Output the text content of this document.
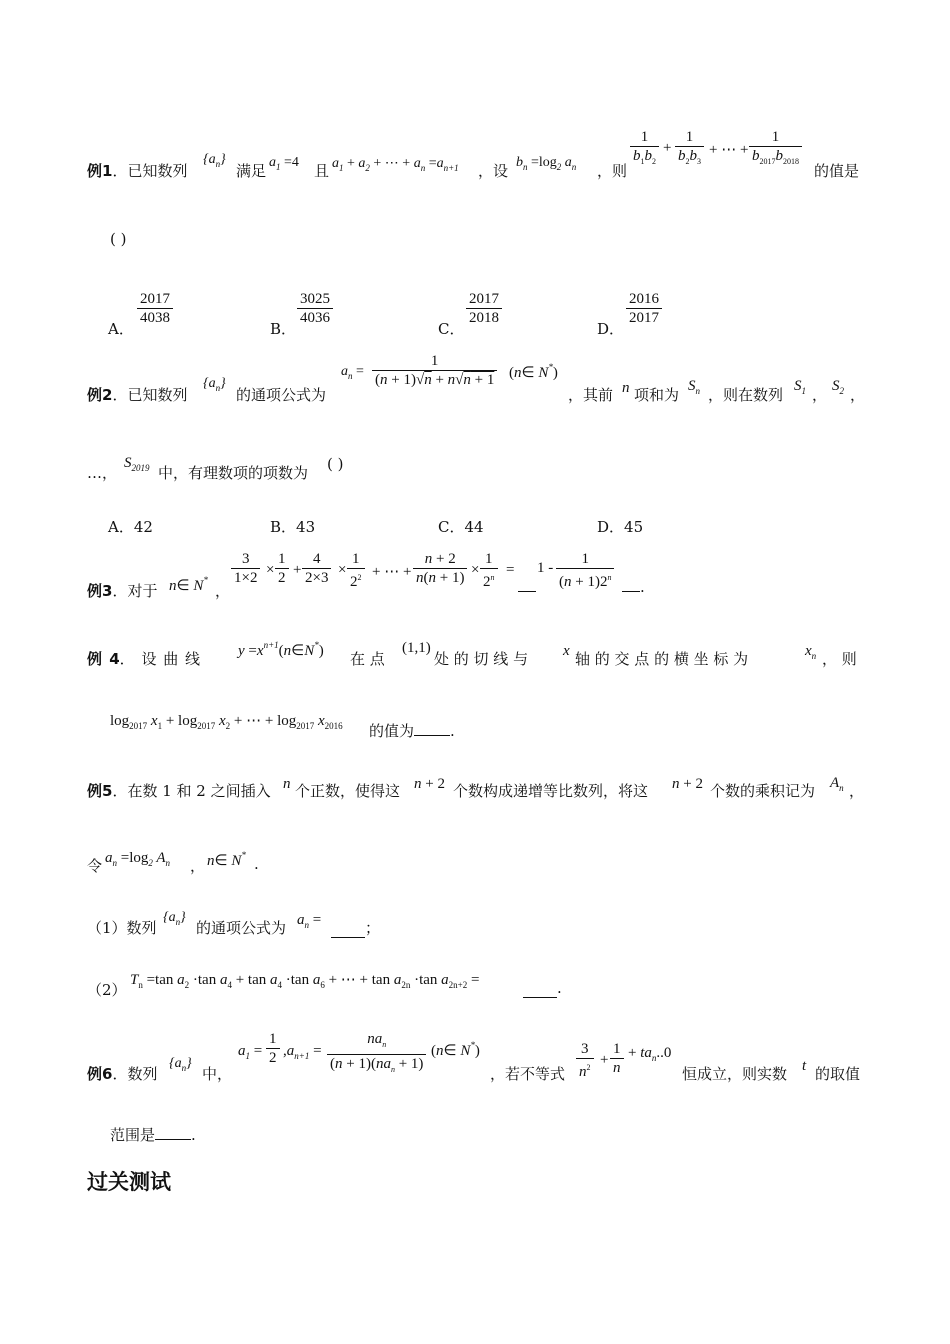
例1．已知数列
$\{a_n\}$
满足 $a_1 =4$ 且 $a_1 + a_2$ + ⋯ + $a_n =a_{n+1}$ ，设 $b_n =\log_2$ $a_n$ ，则 $\frac{1}{b_1b_2} + \frac{1}{b_2b_3}$ + ⋯ + $\frac{1}{b_{2017}b_{2018}}$ 的值是
( )
A．
$\frac{2017}{4038}$
B．
$\frac{3025}{4036}$
C．
$\frac{2017}{2018}$
D．
$\frac{2016}{2017}$
例2．已知数列
$\{a_n\}$
的通项公式为
$a_n = \frac{1}{(n + 1)√n + n√n + 1}$ (n∈ N*)
，其前 n 项和为 $S_n$ ，则在数列 $S_1$ ， $S_2$ ，
…，
$S_{2019}$ 中，有理数项的项数为 ( )
A．42	B．43	C．44	D．45
例3．对于 n∈ N*
，
$\frac{3}{1\times 2} \times \frac{1}{2} + \frac{4}{2\times 3} \times \frac{1}{2^2}$ + ⋯ + $\frac{n + 2}{n(n + 1)} \times \frac{1}{2^n} = 1 - \frac{1}{(n + 1)2^n}$	.
例 4． 设 曲 线	$y =x^{n+1}(n\in N^*)$ 在 点
(1,1)
处 的 切 线 与 x 轴 的 交 点 的 横 坐 标 为	$x_n$ ， 则
$\log_{2017} x_1 + \log_{2017} x_2$ + ⋯ + $\log_{2017} x_{2016}$ 的值为 .
例5．在数 1 和 2 之间插入 n 个正数，使得这 n + 2 个数构成递增等比数列，将这 n + 2 个数的乘积记为 $A_n$ ，
令 $a_n =\log_2$ $A_n$ ， n∈ N* .
（1）数列
$\{a_n\}$
的通项公式为 $a_n$ =	；
（2）
$T_n =\tan$ $a_2 \cdot\tan$ $a_4 + \tan a_4 \cdot\tan$ $a_6$ + ⋯ + $\tan a_{2n} \cdot\tan$ $a_{2n+2}$ =	.
例6．数列
$\{a_n\}$
中，
$a_1 = \frac{1}{2} ,a_{n+1}$ =
$na_n$
$(n + 1)(na_n + 1)$
(n∈ N*)
，若不等式 $\frac{3}{n^2} + \frac{1}{n} + ta_n..0$
恒成立，则实数 t 的取值
范围是 .
过关测试
